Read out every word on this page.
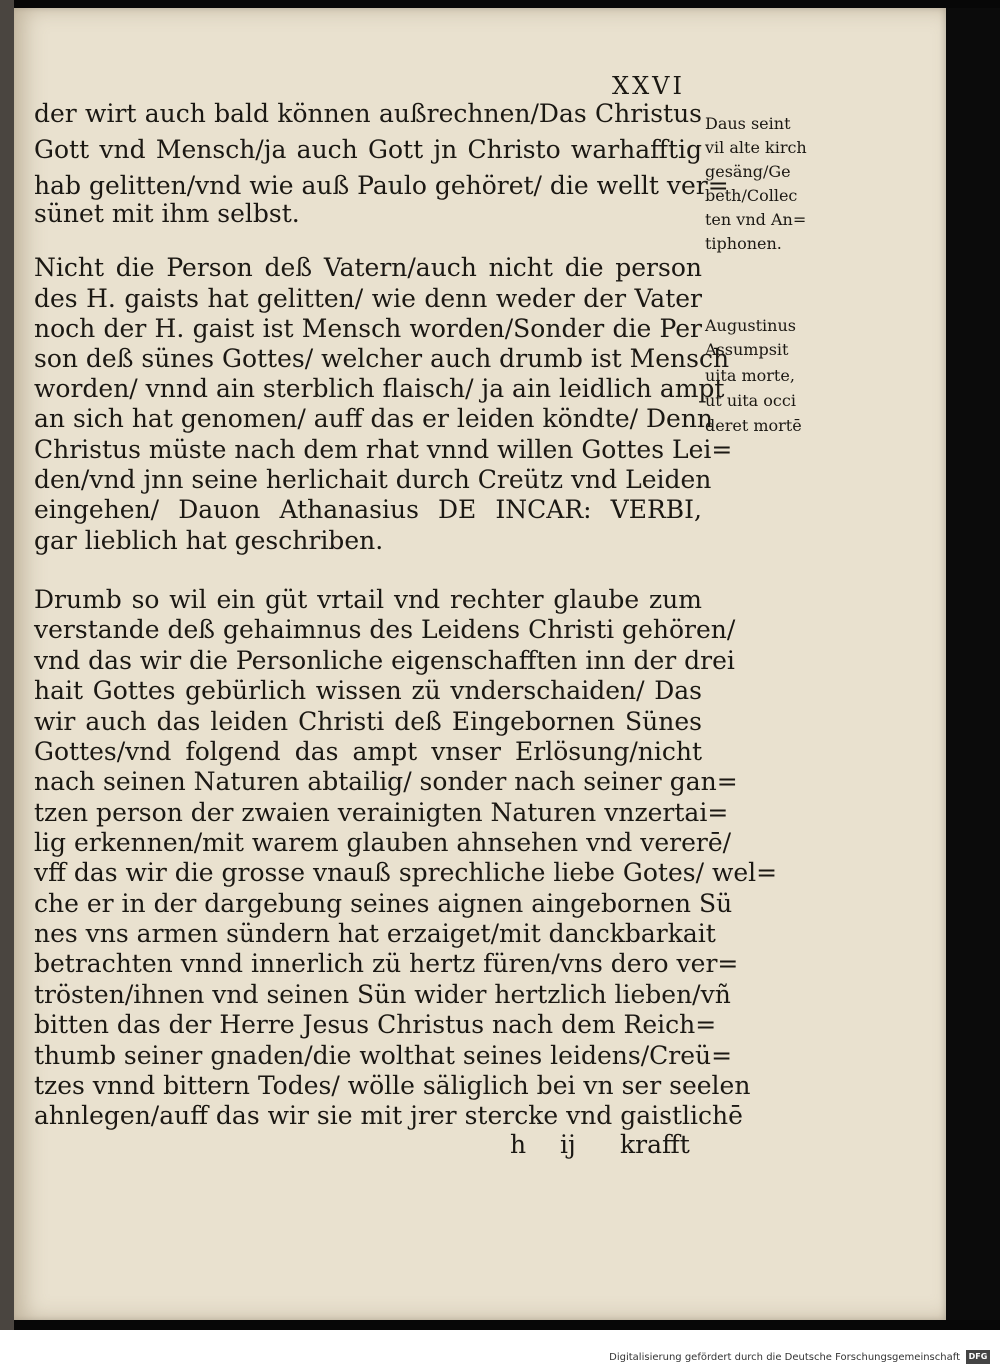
XXVI

der wirt auch bald können außrechnen/Das Christus

Gott vnd Mensch/ja auch Gott jn Christo warhafftig

hab gelitten/vnd wie auß Paulo gehöret/ die wellt ver=

sünet mit ihm selbst.

Nicht die Person deß Vatern/auch nicht die person

des H. gaists hat gelitten/ wie denn weder der Vater

noch der H. gaist ist Mensch worden/Sonder die Per

son deß sünes Gottes/ welcher auch drumb ist Mensch

worden/ vnnd ain sterblich flaisch/ ja ain leidlich ampt

an sich hat genomen/ auff das er leiden köndte/ Denn

Christus müste nach dem rhat vnnd willen Gottes Lei=

den/vnd jnn seine herlichait durch Creütz vnd Leiden

eingehen/ Dauon Athanasius DE INCAR: VERBI,

gar lieblich hat geschriben.

Drumb so wil ein güt vrtail vnd rechter glaube zum

verstande deß gehaimnus des Leidens Christi gehören/

vnd das wir die Personliche eigenschafften inn der drei

hait Gottes gebürlich wissen zü vnderschaiden/ Das

wir auch das leiden Christi deß Eingebornen Sünes

Gottes/vnd folgend das ampt vnser Erlösung/nicht

nach seinen Naturen abtailig/ sonder nach seiner gan=

tzen person der zwaien verainigten Naturen vnzertai=

lig erkennen/mit warem glauben ahnsehen vnd vererē/

vff das wir die grosse vnauß sprechliche liebe Gotes/ wel=

che er in der dargebung seines aignen aingebornen Sü

nes vns armen sündern hat erzaiget/mit danckbarkait

betrachten vnnd innerlich zü hertz füren/vns dero ver=

trösten/ihnen vnd seinen Sün wider hertzlich lieben/vñ

bitten das der Herre Jesus Christus nach dem Reich=

thumb seiner gnaden/die wolthat seines leidens/Creü=

tzes vnnd bittern Todes/ wölle säliglich bei vn ser seelen

ahnlegen/auff das wir sie mit jrer stercke vnd gaistlichē

h ij krafft

Daus seint

vil alte kirch

gesäng/Ge

beth/Collec

ten vnd An=

tiphonen.

Augustinus

Assumpsit

uita morte,

ut uita occi

deret mortē

Digitalisierung gefördert durch die Deutsche Forschungsgemeinschaft	DFG
